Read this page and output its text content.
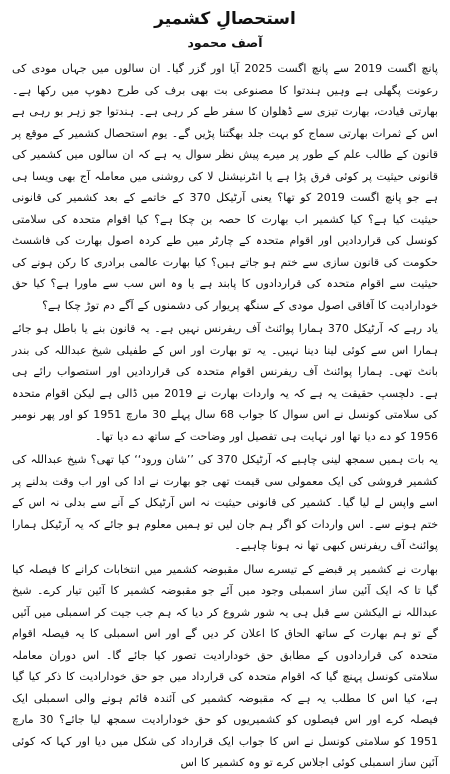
استحصالِ کشمیر
آصف محمود

پانچ اگست 2019 سے پانچ اگست 2025 آیا اور گزر گیا۔ ان سالوں میں جہاں مودی کی رعونت پگھلی ہے وہیں ہندتوا کا مصنوعی بت بھی برف کی طرح دھوپ میں رکھا ہے۔ بھارتی قیادت، بھارت تیزی سے ڈھلوان کا سفر طے کر رہی ہے۔ ہندتوا جو زہر بو رہی ہے اس کے ثمرات بھارتی سماج کو بہت جلد بھگتنا پڑیں گے۔ یوم استحصال کشمیر کے موقع پر قانون کے طالب علم کے طور پر میرے پیش نظر سوال یہ ہے کہ ان سالوں میں کشمیر کی قانونی حیثیت پر کوئی فرق پڑا ہے یا انٹرنیشنل لا کی روشنی میں معاملہ آج بھی ویسا ہی ہے جو پانچ اگست 2019 کو تھا؟ یعنی آرٹیکل 370 کے خاتمے کے بعد کشمیر کی قانونی حیثیت کیا ہے؟ کیا کشمیر اب بھارت کا حصہ بن چکا ہے؟ کیا اقوام متحدہ کی سلامتی کونسل کی قراردادیں اور اقوام متحدہ کے چارٹر میں طے کردہ اصول بھارت کی فاشسٹ حکومت کی قانون سازی سے ختم ہو جاتے ہیں؟ کیا بھارت عالمی برادری کا رکن ہونے کی حیثیت سے اقوام متحدہ کی قراردادوں کا پابند ہے یا وہ اس سب سے ماورا ہے؟ کیا حق خودارادیت کا آفاقی اصول مودی کے سنگھ پریوار کی دشمنوں کے آگے دم توڑ چکا ہے؟

یاد رہے کہ آرٹیکل 370 ہمارا پوائنٹ آف ریفرنس نہیں ہے۔ یہ قانون بنے یا باطل ہو جائے ہمارا اس سے کوئی لینا دینا نہیں۔ یہ تو بھارت اور اس کے طفیلی شیخ عبداللہ کی بندر بانٹ تھی۔ ہمارا پوائنٹ آف ریفرنس اقوام متحدہ کی قراردادیں اور استصواب رائے ہی ہے۔ دلچسپ حقیقت یہ ہے کہ یہ واردات بھارت نے 2019 میں ڈالی ہے لیکن اقوام متحدہ کی سلامتی کونسل نے اس سوال کا جواب 68 سال پہلے 30 مارچ 1951 کو اور پھر نومبر 1956 کو دے دیا تھا اور نہایت ہی تفصیل اور وضاحت کے ساتھ دے دیا تھا۔

یہ بات ہمیں سمجھ لینی چاہیے کہ آرٹیکل 370 کی ’’شان ورود‘‘ کیا تھی؟ شیخ عبداللہ کی کشمیر فروشی کی ایک معمولی سی قیمت تھی جو بھارت نے ادا کی اور اب وقت بدلنے پر اسے واپس لے لیا گیا۔ کشمیر کی قانونی حیثیت نہ اس آرٹیکل کے آنے سے بدلی نہ اس کے ختم ہونے سے۔ اس واردات کو اگر ہم جان لیں تو ہمیں معلوم ہو جائے کہ یہ آرٹیکل ہمارا پوائنٹ آف ریفرنس کبھی تھا نہ ہونا چاہیے۔

بھارت نے کشمیر پر قبضے کے تیسرے سال مقبوضہ کشمیر میں انتخابات کرانے کا فیصلہ کیا گیا تا کہ ایک آئین ساز اسمبلی وجود میں آئے جو مقبوضہ کشمیر کا آئین تیار کرے۔ شیخ عبداللہ نے الیکشن سے قبل ہی یہ شور شروع کر دیا کہ ہم جب جیت کر اسمبلی میں آئیں گے تو ہم بھارت کے ساتھ الحاق کا اعلان کر دیں گے اور اس اسمبلی کا یہ فیصلہ اقوام متحدہ کی قراردادوں کے مطابق حق خودارادیت تصور کیا جائے گا۔ اس دوران معاملہ سلامتی کونسل پہنچ گیا کہ اقوام متحدہ کی قرارداد میں جو حق خودارادیت کا ذکر کیا گیا ہے، کیا اس کا مطلب یہ ہے کہ مقبوضہ کشمیر کی آئندہ قائم ہونے والی اسمبلی ایک فیصلہ کرے اور اس فیصلوں کو کشمیریوں کو حق خودارادیت سمجھ لیا جائے؟ 30 مارچ 1951 کو سلامتی کونسل نے اس کا جواب ایک قرارداد کی شکل میں دیا اور کہا کہ کوئی آئین ساز اسمبلی کوئی اجلاس کرے تو وہ کشمیر کا اس
